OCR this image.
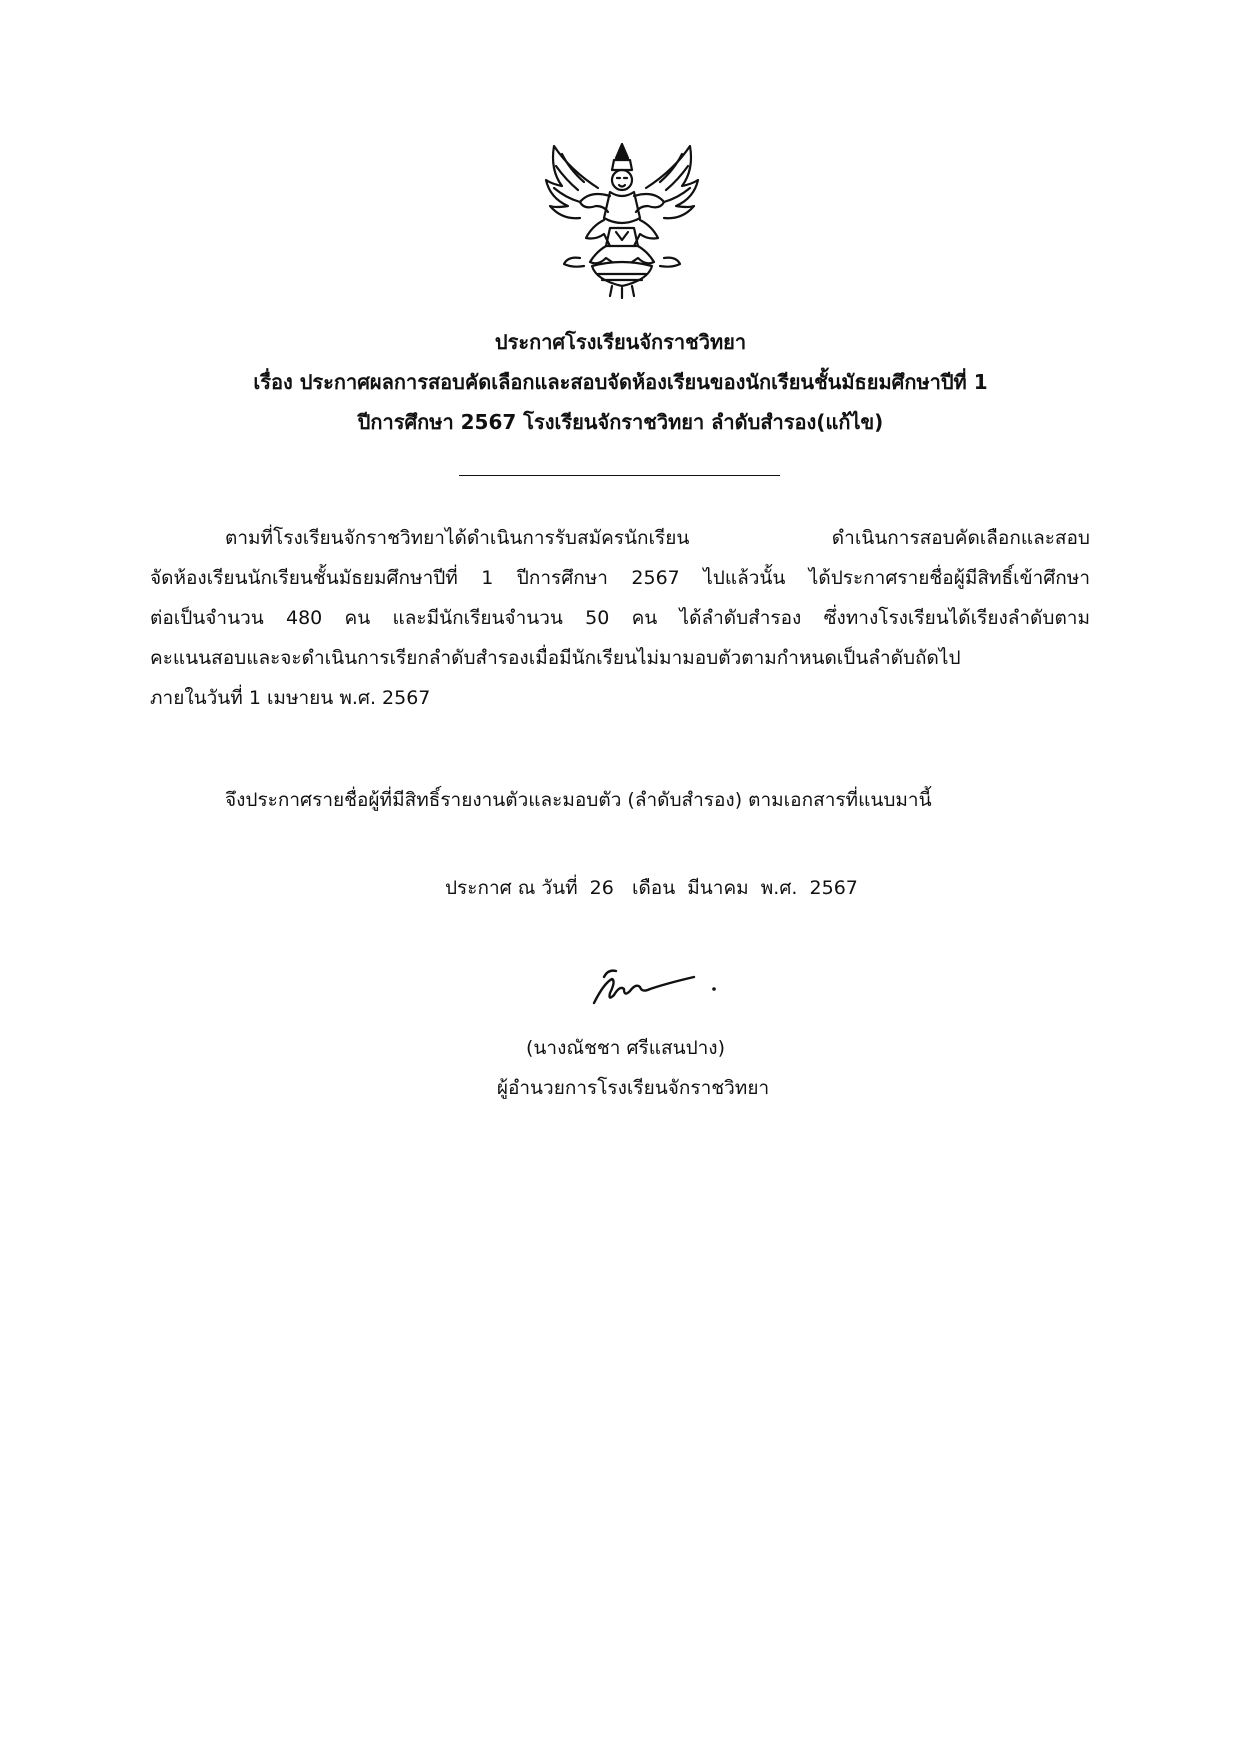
ประกาศโรงเรียนจักราชวิทยา
เรื่อง ประกาศผลการสอบคัดเลือกและสอบจัดห้องเรียนของนักเรียนชั้นมัธยมศึกษาปีที่ 1
ปีการศึกษา 2567 โรงเรียนจักราชวิทยา ลำดับสำรอง(แก้ไข)
ตามที่โรงเรียนจักราชวิทยาได้ดำเนินการรับสมัครนักเรียน ดำเนินการสอบคัดเลือกและสอบ
จัดห้องเรียนนักเรียนชั้นมัธยมศึกษาปีที่ 1 ปีการศึกษา 2567 ไปแล้วนั้น ได้ประกาศรายชื่อผู้มีสิทธิ์เข้าศึกษา
ต่อเป็นจำนวน 480 คน และมีนักเรียนจำนวน 50 คน ได้ลำดับสำรอง ซึ่งทางโรงเรียนได้เรียงลำดับตาม
คะแนนสอบและจะดำเนินการเรียกลำดับสำรองเมื่อมีนักเรียนไม่มามอบตัวตามกำหนดเป็นลำดับถัดไป
ภายในวันที่ 1 เมษายน พ.ศ. 2567
จึงประกาศรายชื่อผู้ที่มีสิทธิ์รายงานตัวและมอบตัว (ลำดับสำรอง) ตามเอกสารที่แนบมานี้
ประกาศ ณ วันที่  26   เดือน  มีนาคม  พ.ศ.  2567
(นางณัชชา ศรีแสนปาง)
ผู้อำนวยการโรงเรียนจักราชวิทยา
